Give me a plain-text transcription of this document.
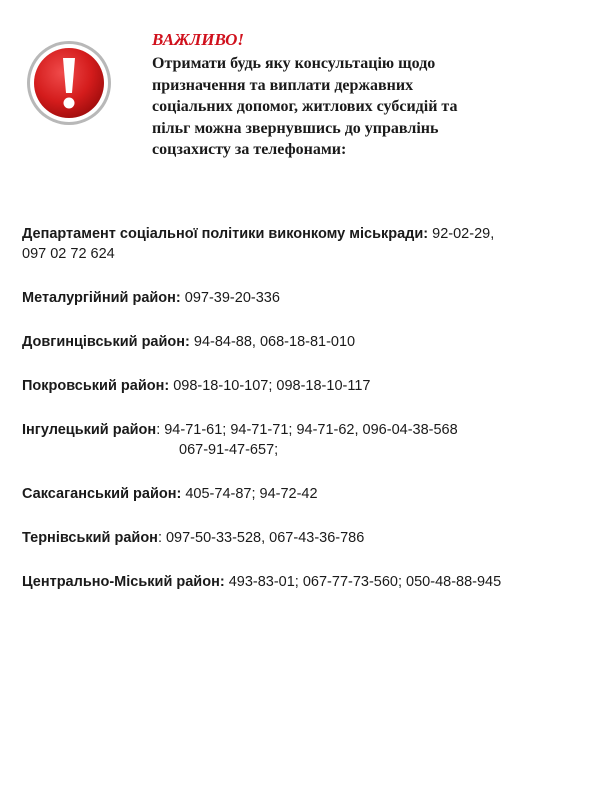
ВАЖЛИВО!

Отримати будь яку консультацію щодо
призначення та виплати державних
соціальних допомог, житлових субсидій та
пільг можна звернувшись до управлінь
соцзахисту за телефонами:

Департамент соціальної політики виконкому міськради: 92-02-29,
097 02 72 624

Металургійний район: 097-39-20-336

Довгинцівський район: 94-84-88, 068-18-81-010

Покровський район: 098-18-10-107; 098-18-10-117

Інгулецький район: 94-71-61; 94-71-71; 94-71-62, 096-04-38-568
067-91-47-657;

Саксаганський район: 405-74-87; 94-72-42

Тернівський район: 097-50-33-528, 067-43-36-786

Центрально-Міський район: 493-83-01; 067-77-73-560; 050-48-88-945
